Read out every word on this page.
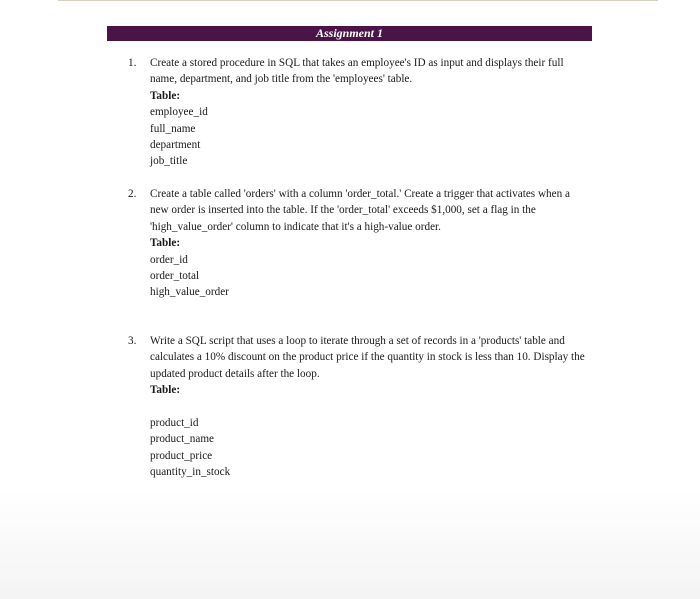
Assignment 1
1.	Create a stored procedure in SQL that takes an employee's ID as input and displays their full name, department, and job title from the 'employees' table.

Table:

employee_id
full_name
department
job_title
2.	Create a table called 'orders' with a column 'order_total.' Create a trigger that activates when a new order is inserted into the table. If the 'order_total' exceeds $1,000, set a flag in the 'high_value_order' column to indicate that it's a high-value order.

Table:

order_id
order_total
high_value_order
3.	Write a SQL script that uses a loop to iterate through a set of records in a 'products' table and calculates a 10% discount on the product price if the quantity in stock is less than 10. Display the updated product details after the loop.

Table:

product_id
product_name
product_price
quantity_in_stock
